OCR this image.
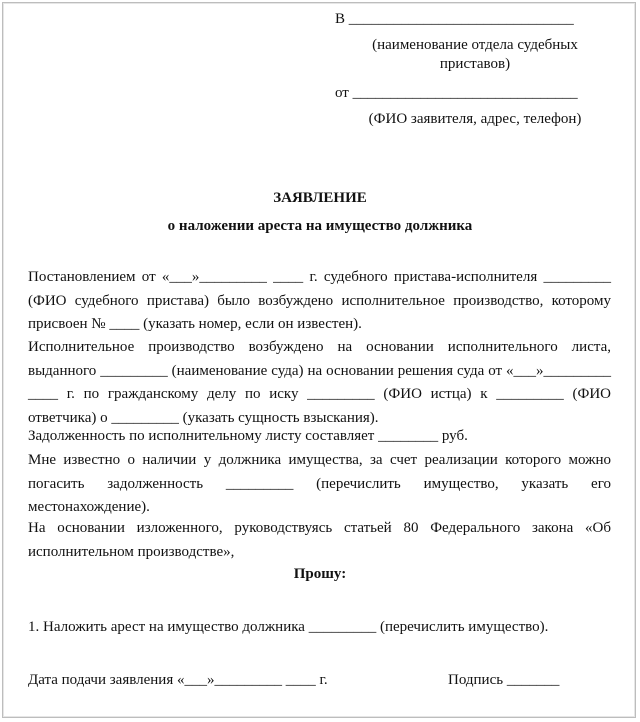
В ______________________________
(наименование отдела судебных приставов)
от ______________________________
(ФИО заявителя, адрес, телефон)
ЗАЯВЛЕНИЕ
о наложении ареста на имущество должника
Постановлением от «___»_________ ____ г. судебного пристава-исполнителя _________ (ФИО судебного пристава) было возбуждено исполнительное производство, которому присвоен № ____ (указать номер, если он известен).
Исполнительное производство возбуждено на основании исполнительного листа, выданного _________ (наименование суда) на основании решения суда от «___»_________ ____ г. по гражданскому делу по иску _________ (ФИО истца) к _________ (ФИО ответчика) о _________ (указать сущность взыскания).
Задолженность по исполнительному листу составляет ________ руб.
Мне известно о наличии у должника имущества, за счет реализации которого можно погасить задолженность _________ (перечислить имущество, указать его местонахождение).
На основании изложенного, руководствуясь статьей 80 Федерального закона «Об исполнительном производстве»,
Прошу:
1. Наложить арест на имущество должника _________ (перечислить имущество).
Дата подачи заявления «___»_________ ____ г.	Подпись _______
